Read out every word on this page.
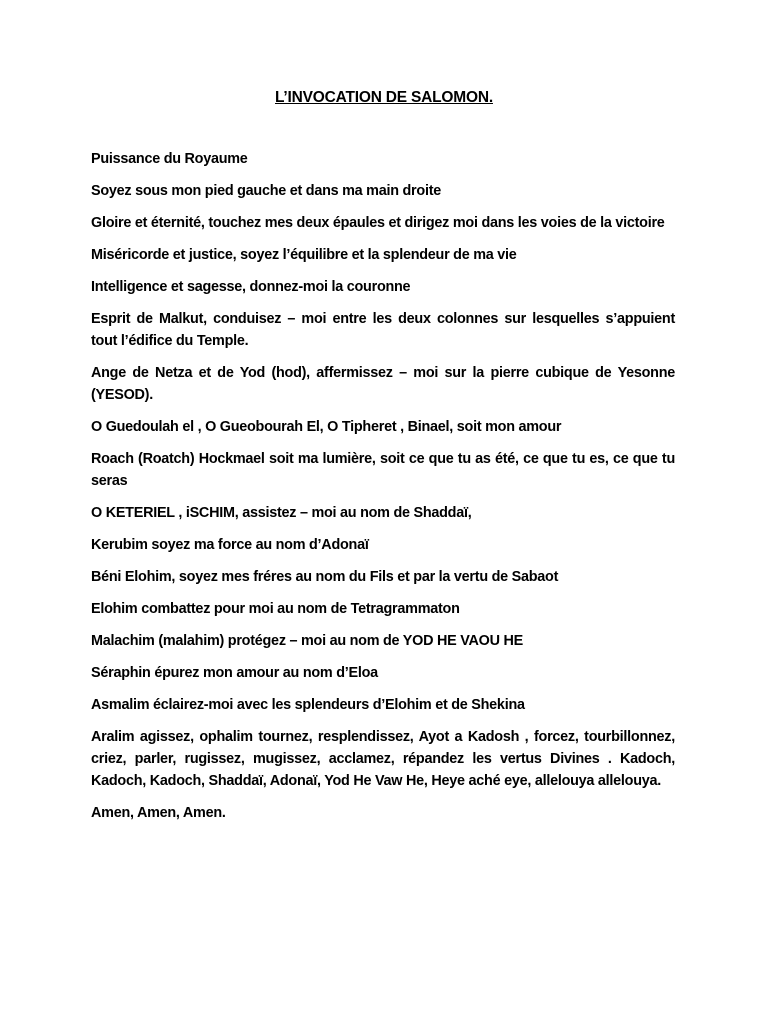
L’INVOCATION DE SALOMON.

Puissance du Royaume

Soyez sous mon pied gauche et dans ma main droite

Gloire et éternité, touchez mes deux épaules et dirigez moi dans les voies de la victoire

Miséricorde et justice, soyez l’équilibre et la splendeur de ma vie

Intelligence et sagesse, donnez-moi la couronne

Esprit de Malkut, conduisez – moi entre les deux colonnes sur lesquelles s’appuient tout l’édifice du Temple.

Ange de Netza et de Yod (hod), affermissez – moi sur la pierre cubique de Yesonne (YESOD).

O Guedoulah el , O Gueobourah El, O Tipheret , Binael, soit mon amour

Roach (Roatch) Hockmael soit ma lumière, soit ce que tu as été, ce que tu es, ce que tu seras

O KETERIEL , iSCHIM, assistez – moi au nom de Shaddaï,

Kerubim soyez ma force au nom d’Adonaï

Béni Elohim, soyez mes fréres au nom du Fils et par la vertu de Sabaot

Elohim combattez pour moi au nom de Tetragrammaton

Malachim (malahim) protégez – moi au nom de YOD HE VAOU HE

Séraphin épurez mon amour au nom d’Eloa

Asmalim éclairez-moi avec les splendeurs d’Elohim et de Shekina

Aralim agissez, ophalim tournez, resplendissez, Ayot a Kadosh , forcez, tourbillonnez, criez, parler, rugissez, mugissez, acclamez, répandez les vertus Divines . Kadoch, Kadoch, Kadoch, Shaddaï, Adonaï, Yod He Vaw He, Heye aché eye, allelouya allelouya.

Amen, Amen, Amen.
